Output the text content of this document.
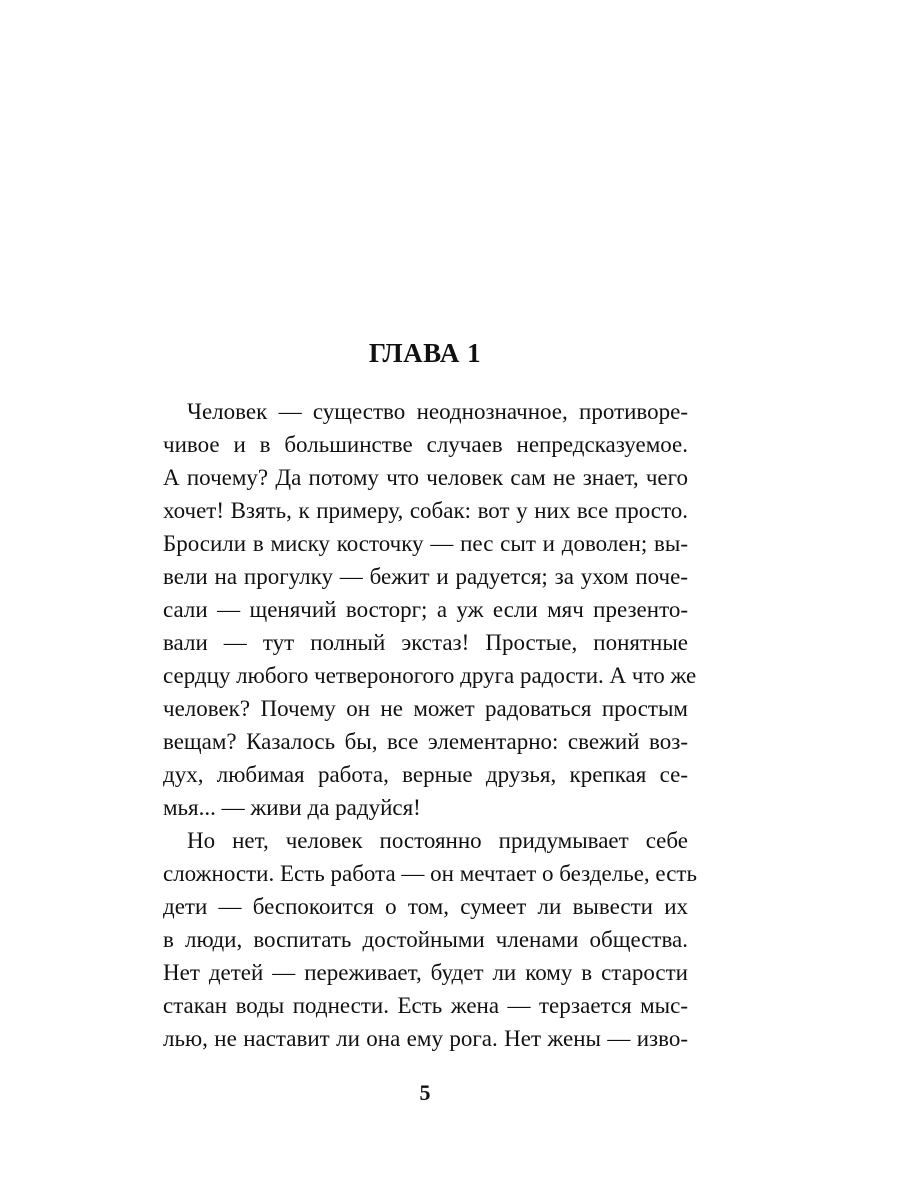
ГЛАВА 1
Человек — существо неоднозначное, противоре-
чивое и в большинстве случаев непредсказуемое.
А почему? Да потому что человек сам не знает, чего
хочет! Взять, к примеру, собак: вот у них все просто.
Бросили в миску косточку — пес сыт и доволен; вы-
вели на прогулку — бежит и радуется; за ухом поче-
сали — щенячий восторг; а уж если мяч презенто-
вали — тут полный экстаз! Простые, понятные
сердцу любого четвероногого друга радости. А что же
человек? Почему он не может радоваться простым
вещам? Казалось бы, все элементарно: свежий воз-
дух, любимая работа, верные друзья, крепкая се-
мья... — живи да радуйся!
Но нет, человек постоянно придумывает себе
сложности. Есть работа — он мечтает о безделье, есть
дети — беспокоится о том, сумеет ли вывести их
в люди, воспитать достойными членами общества.
Нет детей — переживает, будет ли кому в старости
стакан воды поднести. Есть жена — терзается мыс-
лью, не наставит ли она ему рога. Нет жены — изво-
5
